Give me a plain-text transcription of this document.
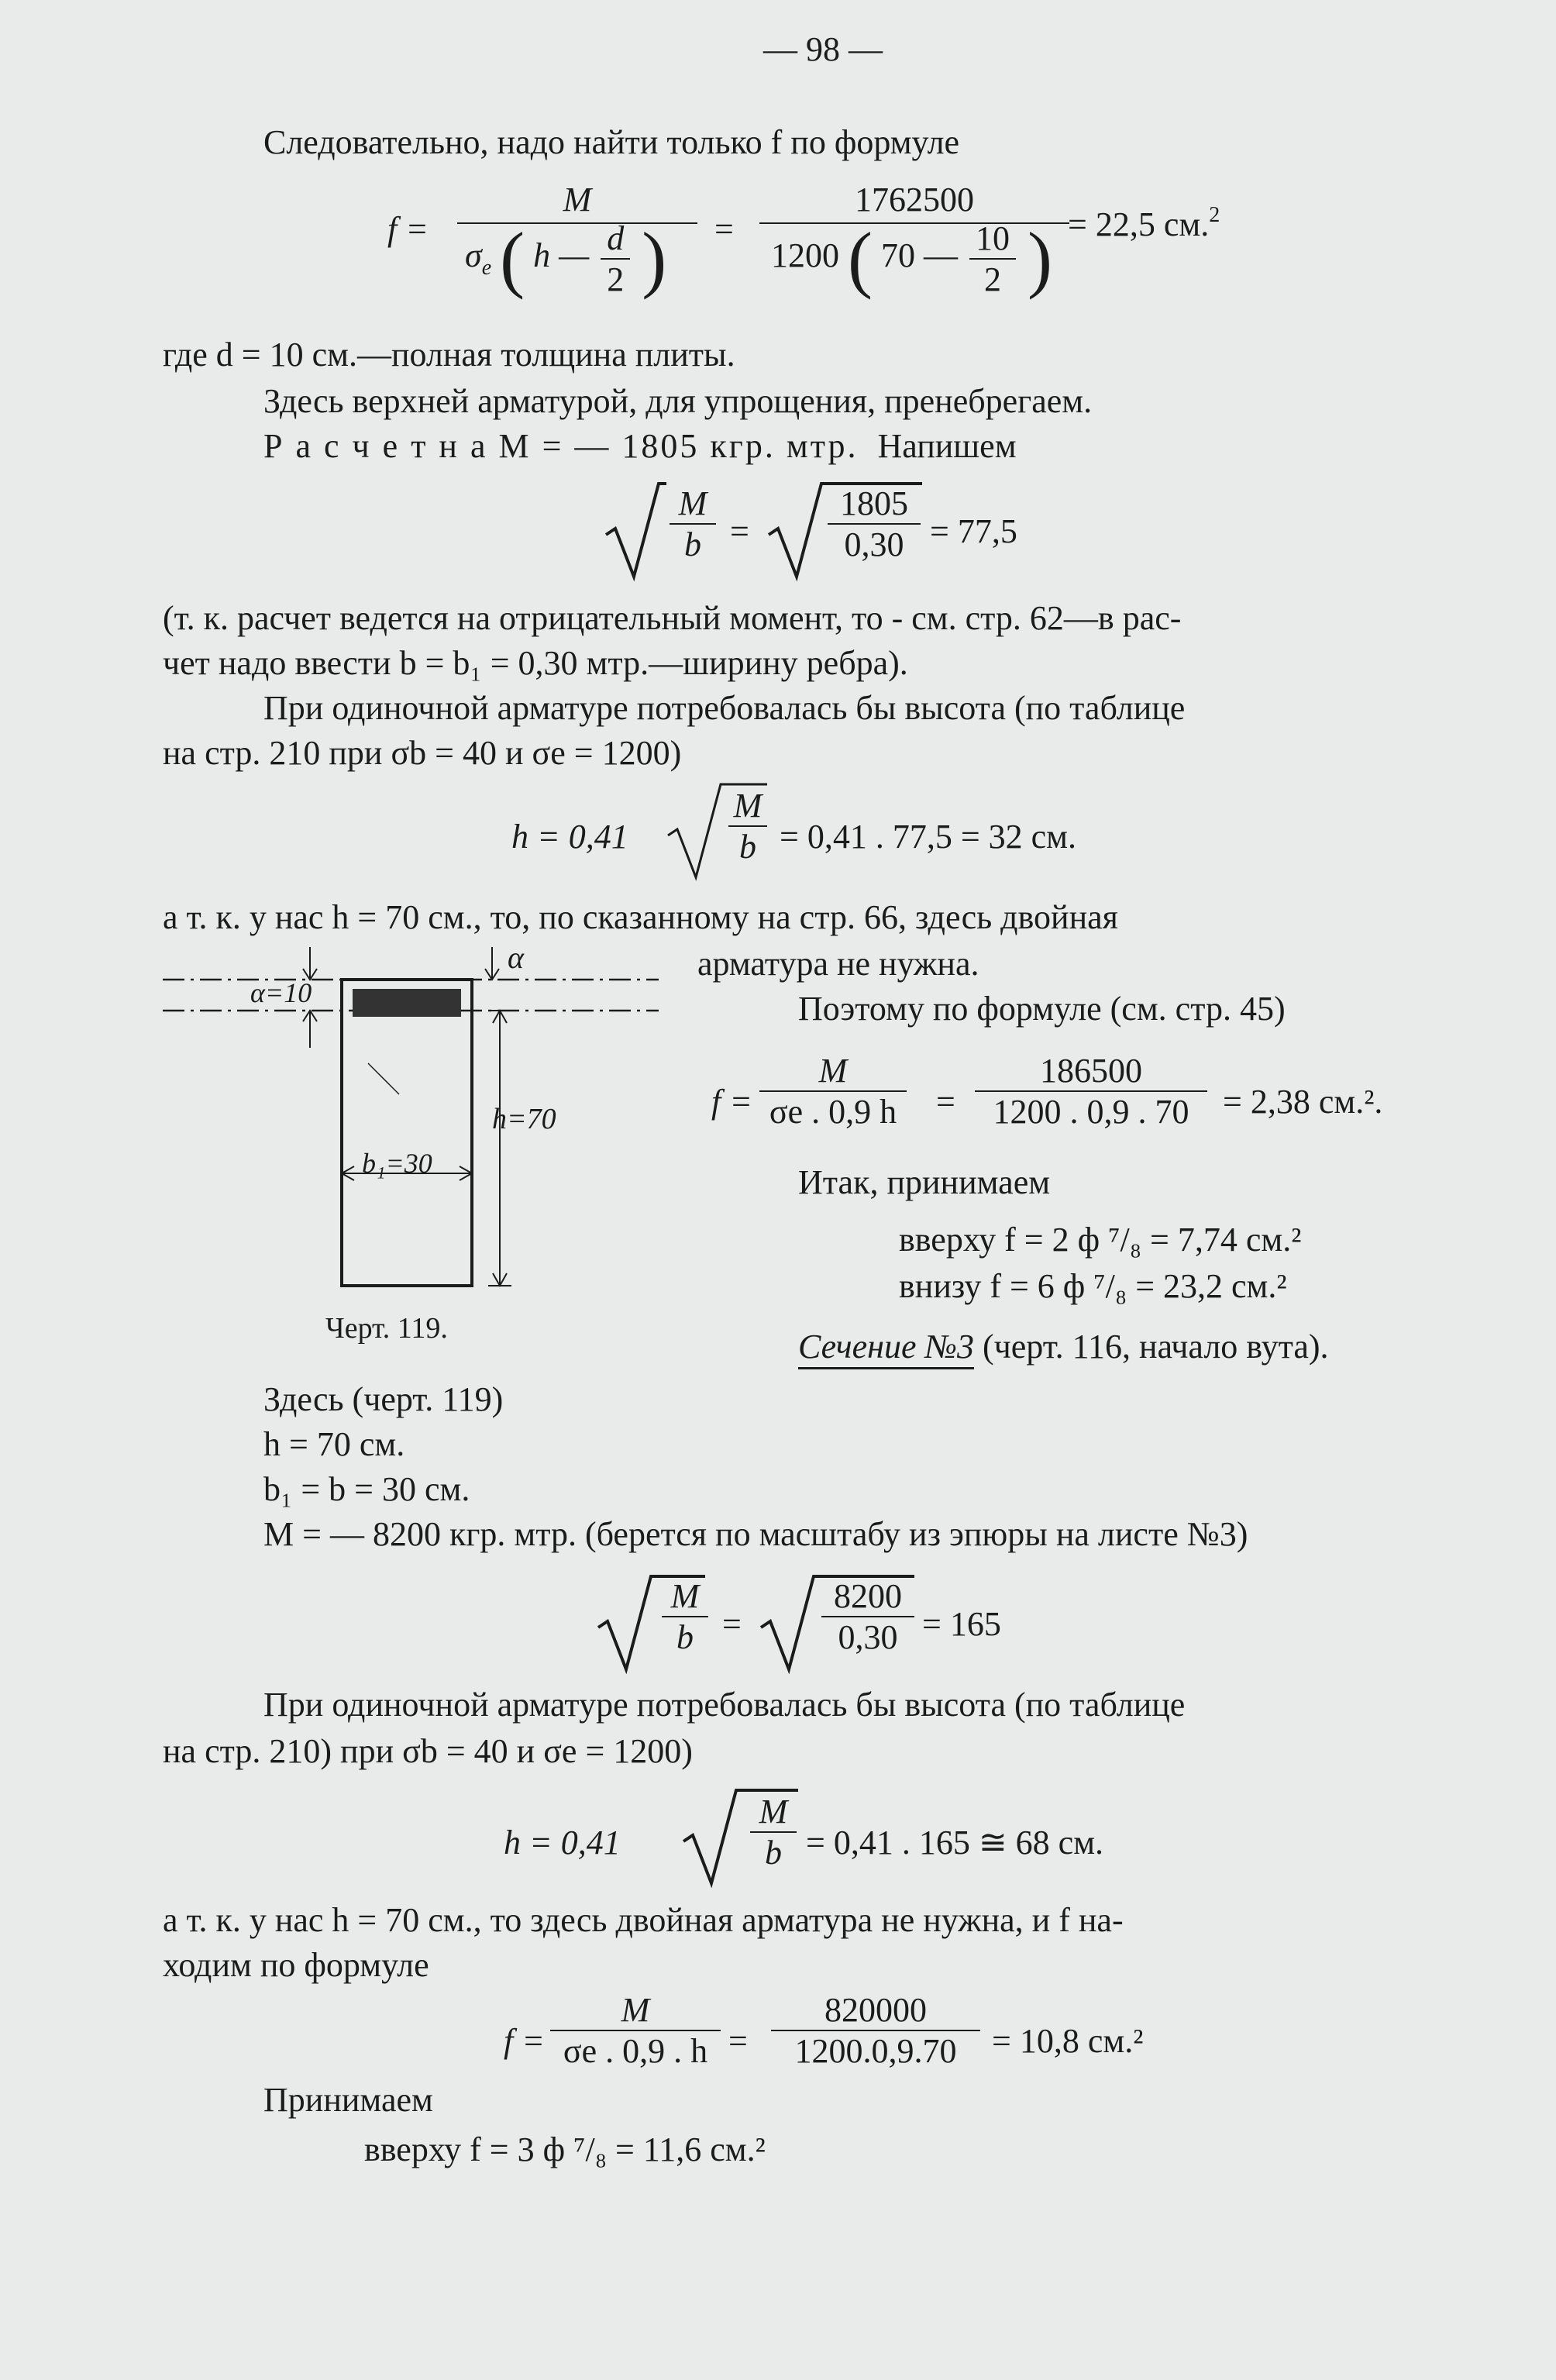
— 98 —
Следовательно, надо найти только f по формуле
f =
M
$\sigma_e$ ( h — $\frac{d}{2}$ ) =
1762500
1200 ( 70 — $\frac{10}{2}$ ) = 22,5 см.$^2$
где d = 10 см.—полная толщина плиты.
Здесь верхней арматурой, для упрощения, пренебрегаем.
Р а с ч е т н а M = — 1805 кгр. мтр. Напишем
M
b =
1805
0,30 = 77,5
(т. к. расчет ведется на отрицательный момент, то - см. стр. 62—в рас-
чет надо ввести b = b₁ = 0,30 мтр.—ширину ребра).
При одиночной арматуре потребовалась бы высота (по таблице
на стр. 210 при σb = 40 и σe = 1200)
h = 0,41
M
b = 0,41 . 77,5 = 32 см.
а т. к. у нас h = 70 см., то, по сказанному на стр. 66, здесь двойная
арматура не нужна.
α
α=10
h=70
b₁=30
Черт. 119.
Поэтому по формуле (см. стр. 45)
f =
M
σe . 0,9 h =
186500
1200 . 0,9 . 70 = 2,38 см.².
Итак, принимаем
вверху f = 2 ф ⁷/₈ = 7,74 см.²
внизу f = 6 ф ⁷/₈ = 23,2 см.²
Сечение №3 (черт. 116, начало вута).
Здесь (черт. 119)
h = 70 см.
b₁ = b = 30 см.
M = — 8200 кгр. мтр. (берется по масштабу из эпюры на листе №3)
M
b =
8200
0,30 = 165
При одиночной арматуре потребовалась бы высота (по таблице
на стр. 210) при σb = 40 и σe = 1200)
h = 0,41
M
b = 0,41 . 165 ≅ 68 см.
а т. к. у нас h = 70 см., то здесь двойная арматура не нужна, и f на-
ходим по формуле
f =
M
σe . 0,9 . h =
820000
1200.0,9.70	= 10,8 см.²
Принимаем
вверху f = 3 ф ⁷/₈ = 11,6 см.²
